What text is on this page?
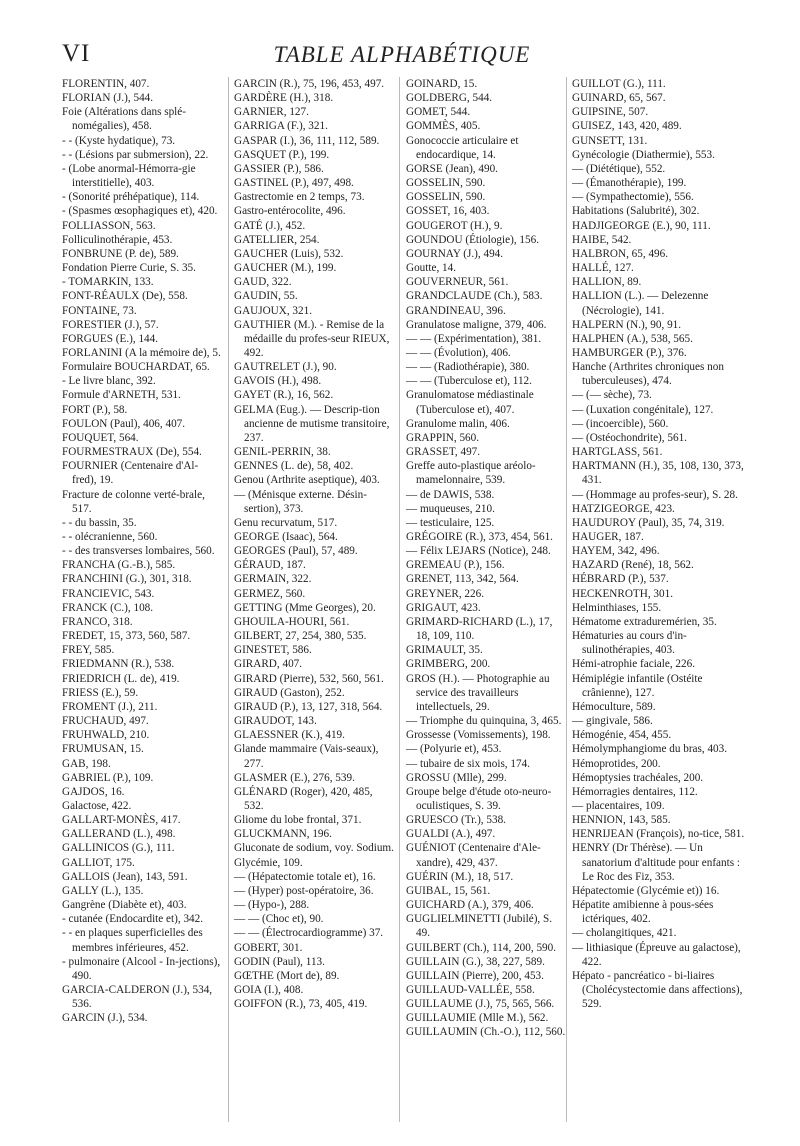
VI	TABLE ALPHABÉTIQUE

FLORENTIN, 407.

FLORIAN (J.), 544.

Foie (Altérations dans splé-nomégalies), 458.

- - (Kyste hydatique), 73.

- - (Lésions par submersion), 22.

- (Lobe anormal-Hémorra-gie interstitielle), 403.

- (Sonorité préhépatique), 114.

- (Spasmes œsophagiques et), 420.

FOLLIASSON, 563.

Folliculinothérapie, 453.

FONBRUNE (P. de), 589.

Fondation Pierre Curie, S. 35.

- TOMARKIN, 133.

FONT-RÉAULX (De), 558.

FONTAINE, 73.

FORESTIER (J.), 57.

FORGUES (E.), 144.

FORLANINI (A la mémoire de), 5.

Formulaire BOUCHARDAT, 65.

- Le livre blanc, 392.

Formule d'ARNETH, 531.

FORT (P.), 58.

FOULON (Paul), 406, 407.

FOUQUET, 564.

FOURMESTRAUX (De), 554.

FOURNIER (Centenaire d'Al-fred), 19.

Fracture de colonne verté-brale, 517.

- - du bassin, 35.

- - olécranienne, 560.

- - des transverses lombaires, 560.

FRANCHA (G.-B.), 585.

FRANCHINI (G.), 301, 318.

FRANCIEVIC, 543.

FRANCK (C.), 108.

FRANCO, 318.

FREDET, 15, 373, 560, 587.

FREY, 585.

FRIEDMANN (R.), 538.

FRIEDRICH (L. de), 419.

FRIESS (E.), 59.

FROMENT (J.), 211.

FRUCHAUD, 497.

FRUHWALD, 210.

FRUMUSAN, 15.

GAB, 198.

GABRIEL (P.), 109.

GAJDOS, 16.

Galactose, 422.

GALLART-MONÈS, 417.

GALLERAND (L.), 498.

GALLINICOS (G.), 111.

GALLIOT, 175.

GALLOIS (Jean), 143, 591.

GALLY (L.), 135.

Gangrène (Diabète et), 403.

- cutanée (Endocardite et), 342.

- - en plaques superficielles des membres inférieures, 452.

- pulmonaire (Alcool - In-jections), 490.

GARCIA-CALDERON (J.), 534, 536.

GARCIN (J.), 534.

GARCIN (R.), 75, 196, 453, 497.

GARDÈRE (H.), 318.

GARNIER, 127.

GARRIGA (F.), 321.

GASPAR (I.), 36, 111, 112, 589.

GASQUET (P.), 199.

GASSIER (P.), 586.

GASTINEL (P.), 497, 498.

Gastrectomie en 2 temps, 73.

Gastro-entérocolite, 496.

GATÉ (J.), 452.

GATELLIER, 254.

GAUCHER (Luis), 532.

GAUCHER (M.), 199.

GAUD, 322.

GAUDIN, 55.

GAUJOUX, 321.

GAUTHIER (M.). - Remise de la médaille du profes-seur RIEUX, 492.

GAUTRELET (J.), 90.

GAVOIS (H.), 498.

GAYET (R.), 16, 562.

GELMA (Eug.). — Descrip-tion ancienne de mutisme transitoire, 237.

GENIL-PERRIN, 38.

GENNES (L. de), 58, 402.

Genou (Arthrite aseptique), 403.

— (Ménisque externe. Désin-sertion), 373.

Genu recurvatum, 517.

GEORGE (Isaac), 564.

GEORGES (Paul), 57, 489.

GÉRAUD, 187.

GERMAIN, 322.

GERMEZ, 560.

GETTING (Mme Georges), 20.

GHOUILA-HOURI, 561.

GILBERT, 27, 254, 380, 535.

GINESTET, 586.

GIRARD, 407.

GIRARD (Pierre), 532, 560, 561.

GIRAUD (Gaston), 252.

GIRAUD (P.), 13, 127, 318, 564.

GIRAUDOT, 143.

GLAESSNER (K.), 419.

Glande mammaire (Vais-seaux), 277.

GLASMER (E.), 276, 539.

GLÉNARD (Roger), 420, 485, 532.

Gliome du lobe frontal, 371.

GLUCKMANN, 196.

Gluconate de sodium, voy. Sodium.

Glycémie, 109.

— (Hépatectomie totale et), 16.

— (Hyper) post-opératoire, 36.

— (Hypo-), 288.

— — (Choc et), 90.

— — (Électrocardiogramme) 37.

GOBERT, 301.

GODIN (Paul), 113.

GŒTHE (Mort de), 89.

GOIA (I.), 408.

GOIFFON (R.), 73, 405, 419.

GOINARD, 15.

GOLDBERG, 544.

GOMET, 544.

GOMMÈS, 405.

Gonococcie articulaire et endocardique, 14.

GORSE (Jean), 490.

GOSSELIN, 590.

GOSSELIN, 590.

GOSSET, 16, 403.

GOUGEROT (H.), 9.

GOUNDOU (Étiologie), 156.

GOURNAY (J.), 494.

Goutte, 14.

GOUVERNEUR, 561.

GRANDCLAUDE (Ch.), 583.

GRANDINEAU, 396.

Granulatose maligne, 379, 406.

— — (Expérimentation), 381.

— — (Évolution), 406.

— — (Radiothérapie), 380.

— — (Tuberculose et), 112.

Granulomatose médiastinale (Tuberculose et), 407.

Granulome malin, 406.

GRAPPIN, 560.

GRASSET, 497.

Greffe auto-plastique aréolo-mamelonnaire, 539.

— de DAWIS, 538.

— muqueuses, 210.

— testiculaire, 125.

GRÉGOIRE (R.), 373, 454, 561.

— Félix LEJARS (Notice), 248.

GREMEAU (P.), 156.

GRENET, 113, 342, 564.

GREYNER, 226.

GRIGAUT, 423.

GRIMARD-RICHARD (L.), 17, 18, 109, 110.

GRIMAULT, 35.

GRIMBERG, 200.

GROS (H.). — Photographie au service des travailleurs intellectuels, 29.

— Triomphe du quinquina, 3, 465.

Grossesse (Vomissements), 198.

— (Polyurie et), 453.

— tubaire de six mois, 174.

GROSSU (Mlle), 299.

Groupe belge d'étude oto-neuro-oculistiques, S. 39.

GRUESCO (Tr.), 538.

GUALDI (A.), 497.

GUÉNIOT (Centenaire d'Ale-xandre), 429, 437.

GUÉRIN (M.), 18, 517.

GUIBAL, 15, 561.

GUICHARD (A.), 379, 406.

GUGLIELMINETTI (Jubilé), S. 49.

GUILBERT (Ch.), 114, 200, 590.

GUILLAIN (G.), 38, 227, 589.

GUILLAIN (Pierre), 200, 453.

GUILLAUD-VALLÉE, 558.

GUILLAUME (J.), 75, 565, 566.

GUILLAUMIE (Mlle M.), 562.

GUILLAUMIN (Ch.-O.), 112, 560.

GUILLOT (G.), 111.

GUINARD, 65, 567.

GUIPSINE, 507.

GUISEZ, 143, 420, 489.

GUNSETT, 131.

Gynécologie (Diathermie), 553.

— (Diététique), 552.

— (Émanothérapie), 199.

— (Sympathectomie), 556.

Habitations (Salubrité), 302.

HADJIGEORGE (E.), 90, 111.

HAIBE, 542.

HALBRON, 65, 496.

HALLÉ, 127.

HALLION, 89.

HALLION (L.). — Delezenne (Nécrologie), 141.

HALPERN (N.), 90, 91.

HALPHEN (A.), 538, 565.

HAMBURGER (P.), 376.

Hanche (Arthrites chroniques non tuberculeuses), 474.

— (— sèche), 73.

— (Luxation congénitale), 127.

— (incoercible), 560.

— (Ostéochondrite), 561.

HARTGLASS, 561.

HARTMANN (H.), 35, 108, 130, 373, 431.

— (Hommage au profes-seur), S. 28.

HATZIGEORGE, 423.

HAUDUROY (Paul), 35, 74, 319.

HAUGER, 187.

HAYEM, 342, 496.

HAZARD (René), 18, 562.

HÉBRARD (P.), 537.

HECKENROTH, 301.

Helminthiases, 155.

Hématome extraduremérien, 35.

Hématuries au cours d'in-sulinothérapies, 403.

Hémi-atrophie faciale, 226.

Hémiplégie infantile (Ostéite crânienne), 127.

Hémoculture, 589.

— gingivale, 586.

Hémogénie, 454, 455.

Hémolymphangiome du bras, 403.

Hémoprotides, 200.

Hémoptysies trachéales, 200.

Hémorragies dentaires, 112.

— placentaires, 109.

HENNION, 143, 585.

HENRIJEAN (François), no-tice, 581.

HENRY (Dr Thérèse). — Un sanatorium d'altitude pour enfants : Le Roc des Fiz, 353.

Hépatectomie (Glycémie et)) 16.

Hépatite amibienne à pous-sées ictériques, 402.

— cholangitiques, 421.

— lithiasique (Épreuve au galactose), 422.

Hépato - pancréatico - bi-liaires (Cholécystectomie dans affections), 529.
